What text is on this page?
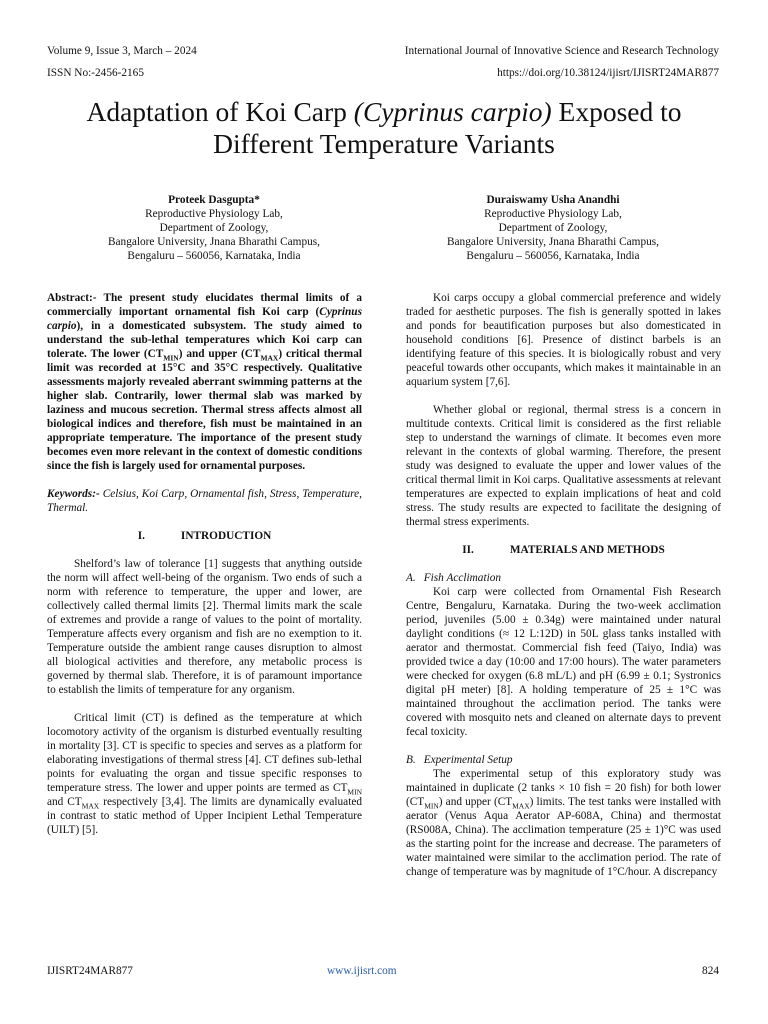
Volume 9, Issue 3, March – 2024	International Journal of Innovative Science and Research Technology
ISSN No:-2456-2165	https://doi.org/10.38124/ijisrt/IJISRT24MAR877
Adaptation of Koi Carp (Cyprinus carpio) Exposed to
Different Temperature Variants
Proteek Dasgupta*
Reproductive Physiology Lab,
Department of Zoology,
Bangalore University, Jnana Bharathi Campus,
Bengaluru – 560056, Karnataka, India
Duraiswamy Usha Anandhi
Reproductive Physiology Lab,
Department of Zoology,
Bangalore University, Jnana Bharathi Campus,
Bengaluru – 560056, Karnataka, India

Abstract:- The present study elucidates thermal limits of a commercially important ornamental fish Koi carp (Cyprinus carpio), in a domesticated subsystem. The study aimed to understand the sub-lethal temperatures which Koi carp can tolerate. The lower $(CT_{MIN})$ and upper $(CT_{MAX})$ critical thermal limit was recorded at 15°C and 35°C respectively. Qualitative assessments majorly revealed aberrant swimming patterns at the higher slab. Contrarily, lower thermal slab was marked by laziness and mucous secretion. Thermal stress affects almost all biological indices and therefore, fish must be maintained in an appropriate temperature. The importance of the present study becomes even more relevant in the context of domestic conditions since the fish is largely used for ornamental purposes.

Keywords:- Celsius, Koi Carp, Ornamental fish, Stress, Temperature, Thermal.

I.	INTRODUCTION

Shelford’s law of tolerance [1] suggests that anything outside the norm will affect well-being of the organism. Two ends of such a norm with reference to temperature, the upper and lower, are collectively called thermal limits [2]. Thermal limits mark the scale of extremes and provide a range of values to the point of mortality. Temperature affects every organism and fish are no exemption to it. Temperature outside the ambient range causes disruption to almost all biological activities and therefore, any metabolic process is governed by thermal slab. Therefore, it is of paramount importance to establish the limits of temperature for any organism.

Critical limit (CT) is defined as the temperature at which locomotory activity of the organism is disturbed eventually resulting in mortality [3]. CT is specific to species and serves as a platform for elaborating investigations of thermal stress [4]. CT defines sub-lethal points for evaluating the organ and tissue specific responses to temperature stress. The lower and upper points are termed as $CT_{MIN}$ and $CT_{MAX}$ respectively [3,4]. The limits are dynamically evaluated in contrast to static method of Upper Incipient Lethal Temperature (UILT) [5].

Koi carps occupy a global commercial preference and widely traded for aesthetic purposes. The fish is generally spotted in lakes and ponds for beautification purposes but also domesticated in household conditions [6]. Presence of distinct barbels is an identifying feature of this species. It is biologically robust and very peaceful towards other occupants, which makes it maintainable in an aquarium system [7,6].

Whether global or regional, thermal stress is a concern in multitude contexts. Critical limit is considered as the first reliable step to understand the warnings of climate. It becomes even more relevant in the contexts of global warming. Therefore, the present study was designed to evaluate the upper and lower values of the critical thermal limit in Koi carps. Qualitative assessments at relevant temperatures are expected to explain implications of heat and cold stress. The study results are expected to facilitate the designing of thermal stress experiments.

II.	MATERIALS AND METHODS
A. Fish Acclimation

Koi carp were collected from Ornamental Fish Research Centre, Bengaluru, Karnataka. During the two-week acclimation period, juveniles (5.00 ± 0.34g) were maintained under natural daylight conditions (≈ 12 L:12D) in 50L glass tanks installed with aerator and thermostat. Commercial fish feed (Taiyo, India) was provided twice a day (10:00 and 17:00 hours). The water parameters were checked for oxygen (6.8 mL/L) and pH (6.99 ± 0.1; Systronics digital pH meter) [8]. A holding temperature of 25 ± 1°C was maintained throughout the acclimation period. The tanks were covered with mosquito nets and cleaned on alternate days to prevent fecal toxicity.

B. Experimental Setup

The experimental setup of this exploratory study was maintained in duplicate (2 tanks × 10 fish = 20 fish) for both lower $(CT_{MIN})$ and upper $(CT_{MAX})$ limits. The test tanks were installed with aerator (Venus Aqua Aerator AP-608A, China) and thermostat (RS008A, China). The acclimation temperature (25 ± 1)°C was used as the starting point for the increase and decrease. The parameters of water maintained were similar to the acclimation period. The rate of change of temperature was by magnitude of 1°C/hour. A discrepancy

IJISRT24MAR877	www.ijisrt.com	824
